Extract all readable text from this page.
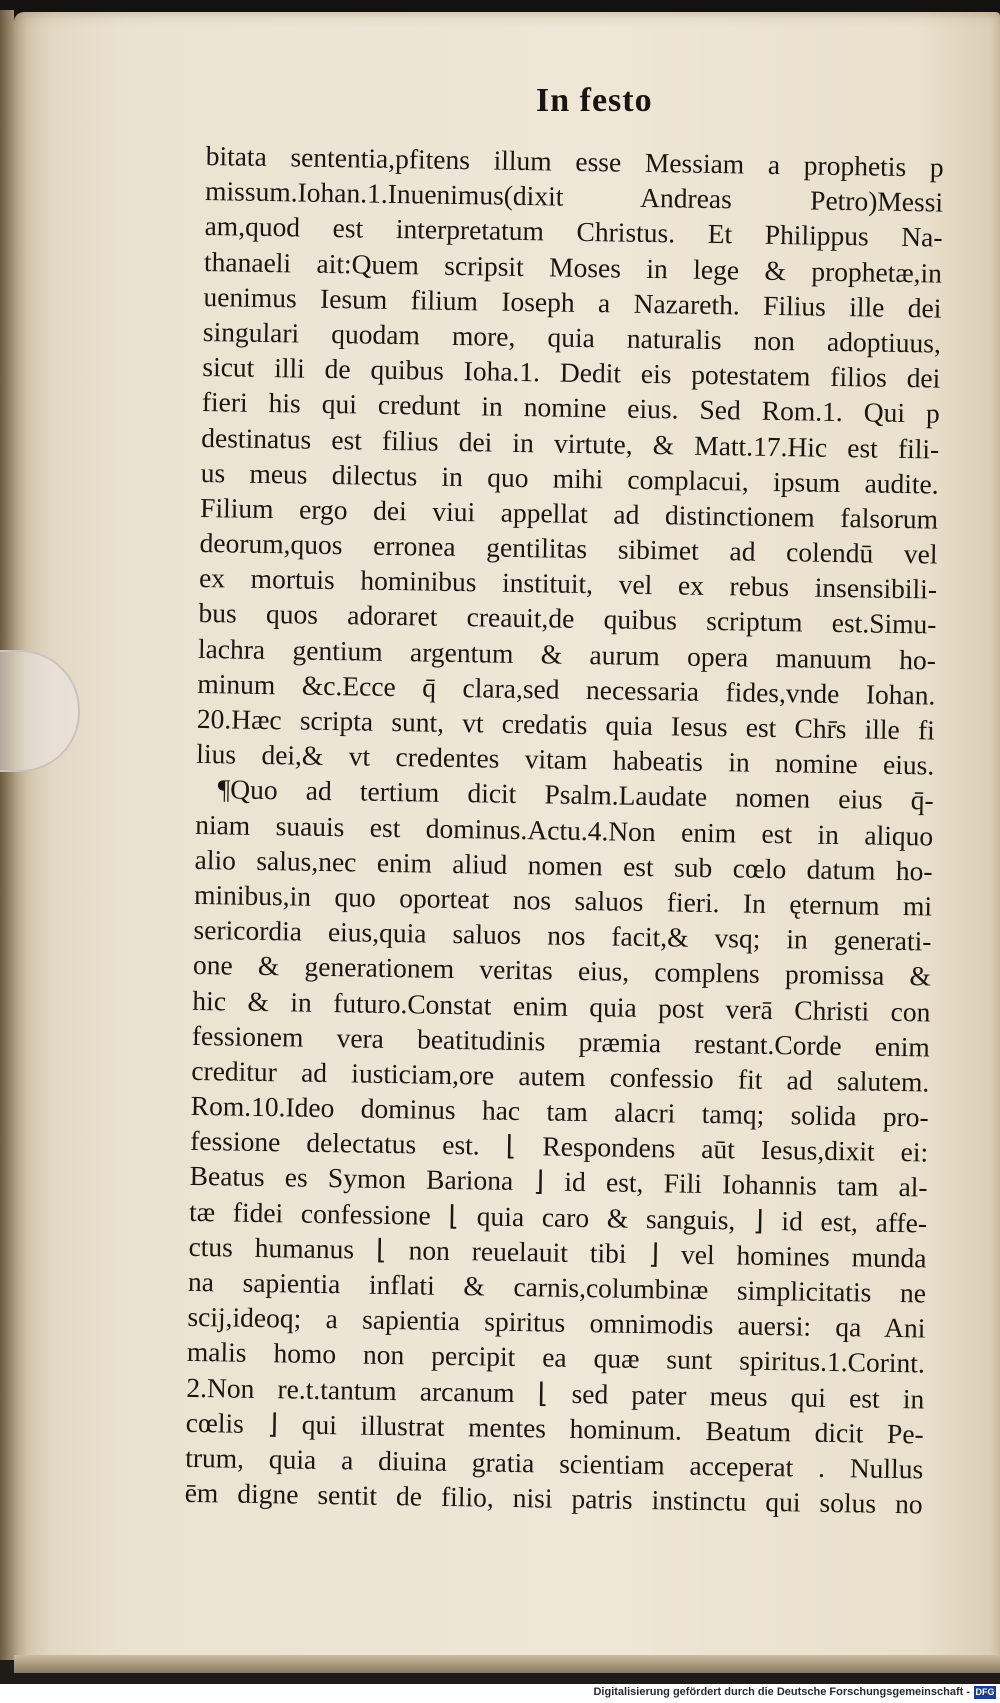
In festo
bitata sententia,pfitens illum esse Messiam a prophetis p
missum.Iohan.1.Inuenimus(dixit Andreas Petro)Messi
am,quod est interpretatum Christus. Et Philippus Na-
thanaeli ait:Quem scripsit Moses in lege & prophetæ,in
uenimus Iesum filium Ioseph a Nazareth. Filius ille dei
singulari quodam more, quia naturalis non adoptiuus,
sicut illi de quibus Ioha.1. Dedit eis potestatem filios dei
fieri his qui credunt in nomine eius. Sed Rom.1. Qui p
destinatus est filius dei in virtute, & Matt.17.Hic est fili-
us meus dilectus in quo mihi complacui, ipsum audite.
Filium ergo dei viui appellat ad distinctionem falsorum
deorum,quos erronea gentilitas sibimet ad colendū vel
ex mortuis hominibus instituit, vel ex rebus insensibili-
bus quos adoraret creauit,de quibus scriptum est.Simu-
lachra gentium argentum & aurum opera manuum ho-
minum &c.Ecce q̄ clara,sed necessaria fides,vnde Iohan.
20.Hæc scripta sunt, vt credatis quia Iesus est Chr̄s ille fi
lius dei,& vt credentes vitam habeatis in nomine eius.
¶Quo ad tertium dicit Psalm.Laudate nomen eius q̄-
niam suauis est dominus.Actu.4.Non enim est in aliquo
alio salus,nec enim aliud nomen est sub cœlo datum ho-
minibus,in quo oporteat nos saluos fieri. In ęternum mi
sericordia eius,quia saluos nos facit,& vsq; in generati-
one & generationem veritas eius, complens promissa &
hic & in futuro.Constat enim quia post verā Christi con
fessionem vera beatitudinis præmia restant.Corde enim
creditur ad iusticiam,ore autem confessio fit ad salutem.
Rom.10.Ideo dominus hac tam alacri tamq; solida pro-
fessione delectatus est. ⌊ Respondens aūt Iesus,dixit ei:
Beatus es Symon Bariona ⌋ id est, Fili Iohannis tam al-
tæ fidei confessione ⌊ quia caro & sanguis, ⌋ id est, affe-
ctus humanus ⌊ non reuelauit tibi ⌋ vel homines munda
na sapientia inflati & carnis,columbinæ simplicitatis ne
scij,ideoq; a sapientia spiritus omnimodis auersi: qa Ani
malis homo non percipit ea quæ sunt spiritus.1.Corint.
2.Non re.t.tantum arcanum ⌊ sed pater meus qui est in
cœlis ⌋ qui illustrat mentes hominum. Beatum dicit Pe-
trum, quia a diuina gratia scientiam acceperat . Nullus
ēm digne sentit de filio, nisi patris instinctu qui solus no
Digitalisierung gefördert durch die Deutsche Forschungsgemeinschaft - DFG
